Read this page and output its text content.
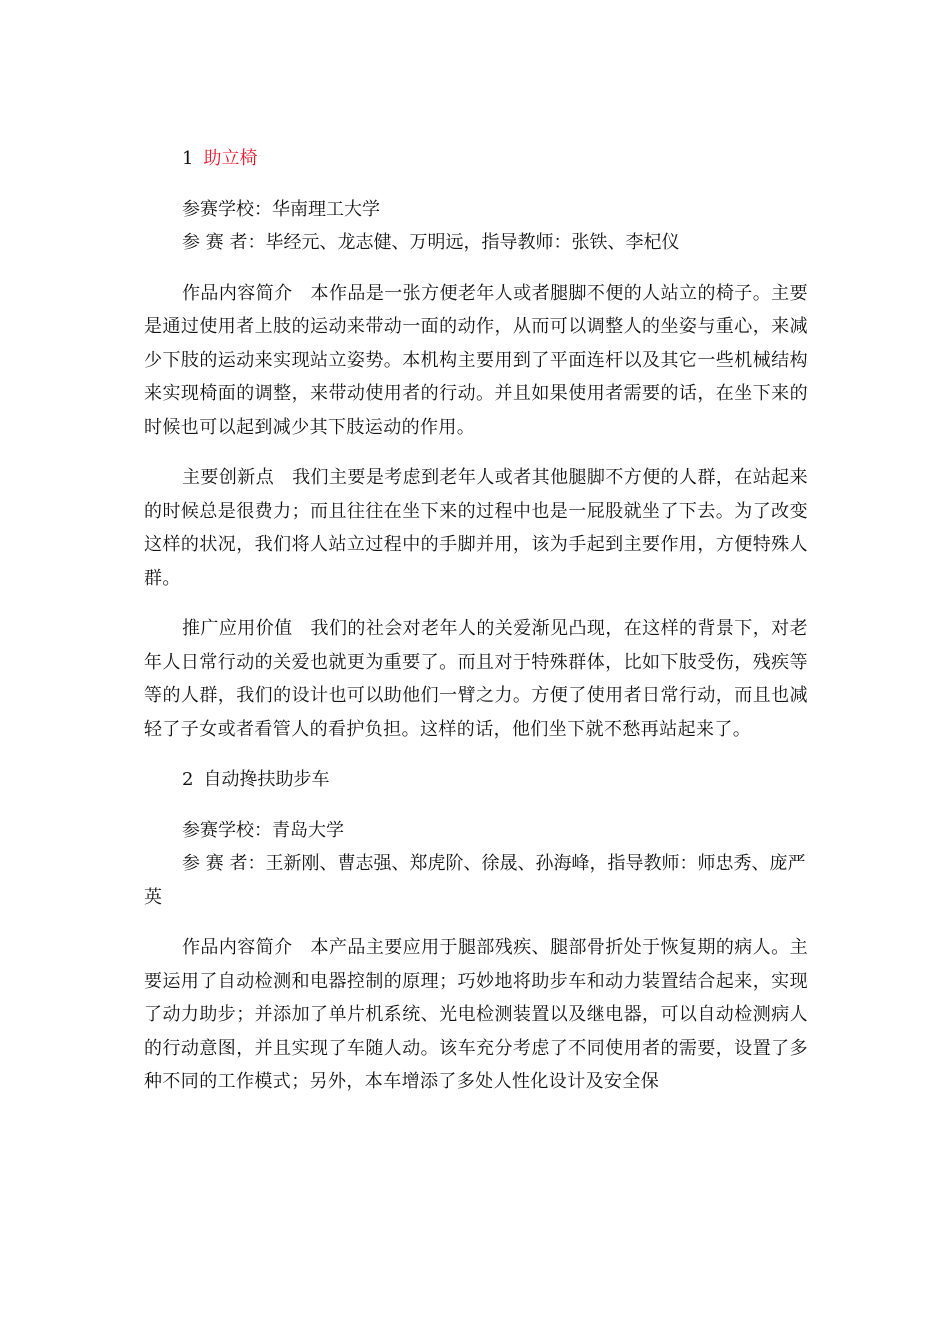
1 助立椅

参赛学校：华南理工大学

参 赛 者：毕经元、龙志健、万明远，指导教师：张铁、李杞仪

作品内容简介 本作品是一张方便老年人或者腿脚不便的人站立的椅子。主要是通过使用者上肢的运动来带动一面的动作，从而可以调整人的坐姿与重心，来减少下肢的运动来实现站立姿势。本机构主要用到了平面连杆以及其它一些机械结构来实现椅面的调整，来带动使用者的行动。并且如果使用者需要的话，在坐下来的时候也可以起到减少其下肢运动的作用。

主要创新点 我们主要是考虑到老年人或者其他腿脚不方便的人群，在站起来的时候总是很费力；而且往往在坐下来的过程中也是一屁股就坐了下去。为了改变这样的状况，我们将人站立过程中的手脚并用，该为手起到主要作用，方便特殊人群。

推广应用价值 我们的社会对老年人的关爱渐见凸现，在这样的背景下，对老年人日常行动的关爱也就更为重要了。而且对于特殊群体，比如下肢受伤，残疾等等的人群，我们的设计也可以助他们一臂之力。方便了使用者日常行动，而且也减轻了子女或者看管人的看护负担。这样的话，他们坐下就不愁再站起来了。

2 自动搀扶助步车

参赛学校：青岛大学

参 赛 者：王新刚、曹志强、郑虎阶、徐晟、孙海峰，指导教师：师忠秀、庞严英

作品内容简介 本产品主要应用于腿部残疾、腿部骨折处于恢复期的病人。主要运用了自动检测和电器控制的原理；巧妙地将助步车和动力装置结合起来，实现了动力助步；并添加了单片机系统、光电检测装置以及继电器，可以自动检测病人的行动意图，并且实现了车随人动。该车充分考虑了不同使用者的需要，设置了多种不同的工作模式；另外，本车增添了多处人性化设计及安全保
